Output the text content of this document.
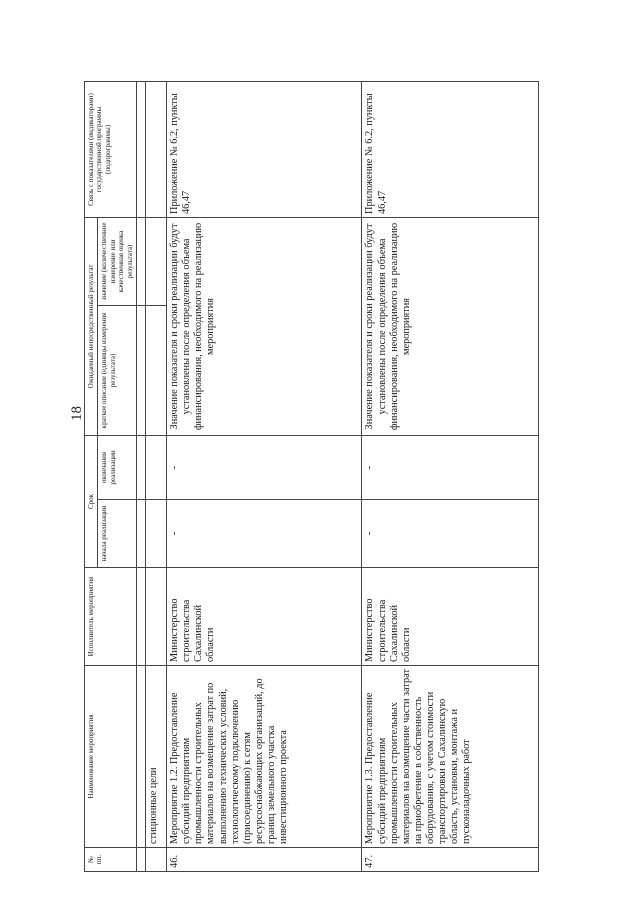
18
№ пп.	Наименование мероприятия	Исполнитель мероприятия	Срок		Ожидаемый непосредственный результат		Связь с показателями (индикаторами) государственной программы (подпрограммы)
			начала реализации	окончания реализации	краткое описание (единицы измерения результата)	значение (количественное измерение или качественная оценка результата)	

	стиционные цели						
46.	Мероприятие 1.2. Предоставление субсидий предприятиям промышленности строительных материалов на возмещение затрат по выполнению технических условий, технологическому подключению (присоединению) к сетям ресурсоснабжающих организаций, до границ земельного участка инвестиционного проекта	Министерство строительства Сахалинской области	-	-	Значение показателя и сроки реализации будут установлены после определения объема финансирования, необходимого на реализацию мероприятия		Приложение № 6.2, пункты 46,47
47.	Мероприятие 1.3. Предоставление субсидий предприятиям промышленности строительных материалов на возмещение части затрат на приобретение в собственность оборудования, с учетом стоимости транспортировки в Сахалинскую область, установки, монтажа и пусконаладочных работ	Министерство строительства Сахалинской области	-	-	Значение показателя и сроки реализации будут установлены после определения объема финансирования, необходимого на реализацию мероприятия		Приложение № 6.2, пункты 46,47
